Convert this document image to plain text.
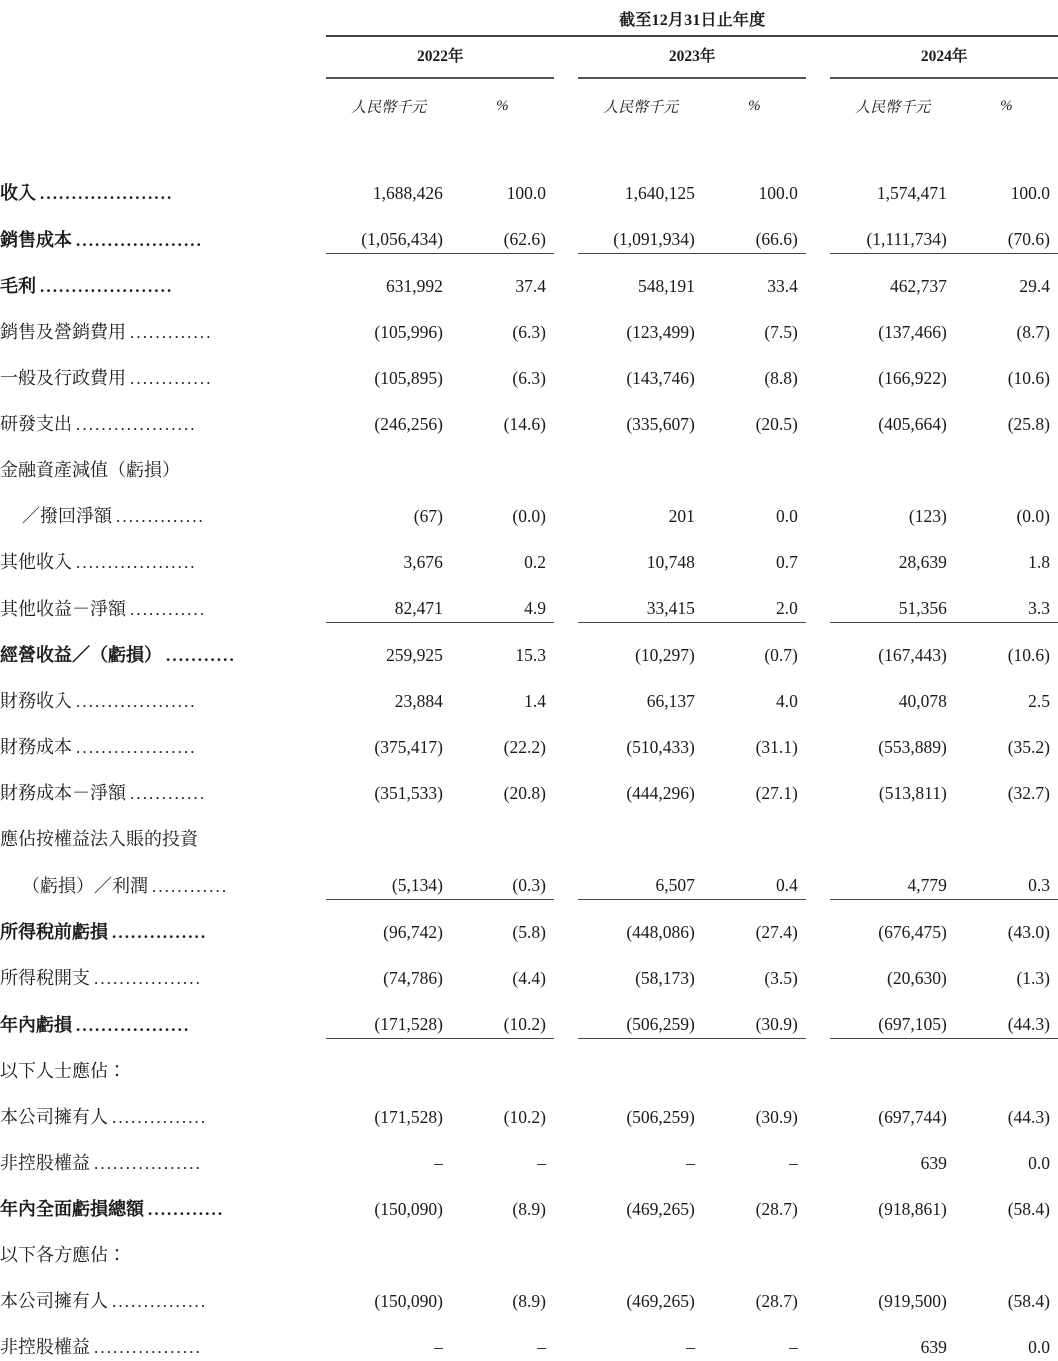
	截至12月31日止年度							

	2022年			2023年			2024年	

	人民幣千元	%		人民幣千元	%		人民幣千元	%

收入 .....................	1,688,426	100.0		1,640,125	100.0		1,574,471	100.0
銷售成本 ....................	(1,056,434)	(62.6)		(1,091,934)	(66.6)		(1,111,734)	(70.6)
毛利 .....................	631,992	37.4		548,191	33.4		462,737	29.4
銷售及營銷費用 .............	(105,996)	(6.3)		(123,499)	(7.5)		(137,466)	(8.7)
一般及行政費用 .............	(105,895)	(6.3)		(143,746)	(8.8)		(166,922)	(10.6)
研發支出 ...................	(246,256)	(14.6)		(335,607)	(20.5)		(405,664)	(25.8)
金融資產減值（虧損）								
／撥回淨額 ..............	(67)	(0.0)		201	0.0		(123)	(0.0)
其他收入 ...................	3,676	0.2		10,748	0.7		28,639	1.8
其他收益－淨額 ............	82,471	4.9		33,415	2.0		51,356	3.3
經營收益／（虧損） ...........	259,925	15.3		(10,297)	(0.7)		(167,443)	(10.6)
財務收入 ...................	23,884	1.4		66,137	4.0		40,078	2.5
財務成本 ...................	(375,417)	(22.2)		(510,433)	(31.1)		(553,889)	(35.2)
財務成本－淨額 ............	(351,533)	(20.8)		(444,296)	(27.1)		(513,811)	(32.7)
應佔按權益法入賬的投資								
（虧損）／利潤 ............	(5,134)	(0.3)		6,507	0.4		4,779	0.3
所得稅前虧損 ...............	(96,742)	(5.8)		(448,086)	(27.4)		(676,475)	(43.0)
所得稅開支 .................	(74,786)	(4.4)		(58,173)	(3.5)		(20,630)	(1.3)
年內虧損 ..................	(171,528)	(10.2)		(506,259)	(30.9)		(697,105)	(44.3)
以下人士應佔：								
本公司擁有人 ...............	(171,528)	(10.2)		(506,259)	(30.9)		(697,744)	(44.3)
非控股權益 .................	–	–		–	–		639	0.0
年內全面虧損總額 ............	(150,090)	(8.9)		(469,265)	(28.7)		(918,861)	(58.4)
以下各方應佔：								
本公司擁有人 ...............	(150,090)	(8.9)		(469,265)	(28.7)		(919,500)	(58.4)
非控股權益 .................	–	–		–	–		639	0.0
